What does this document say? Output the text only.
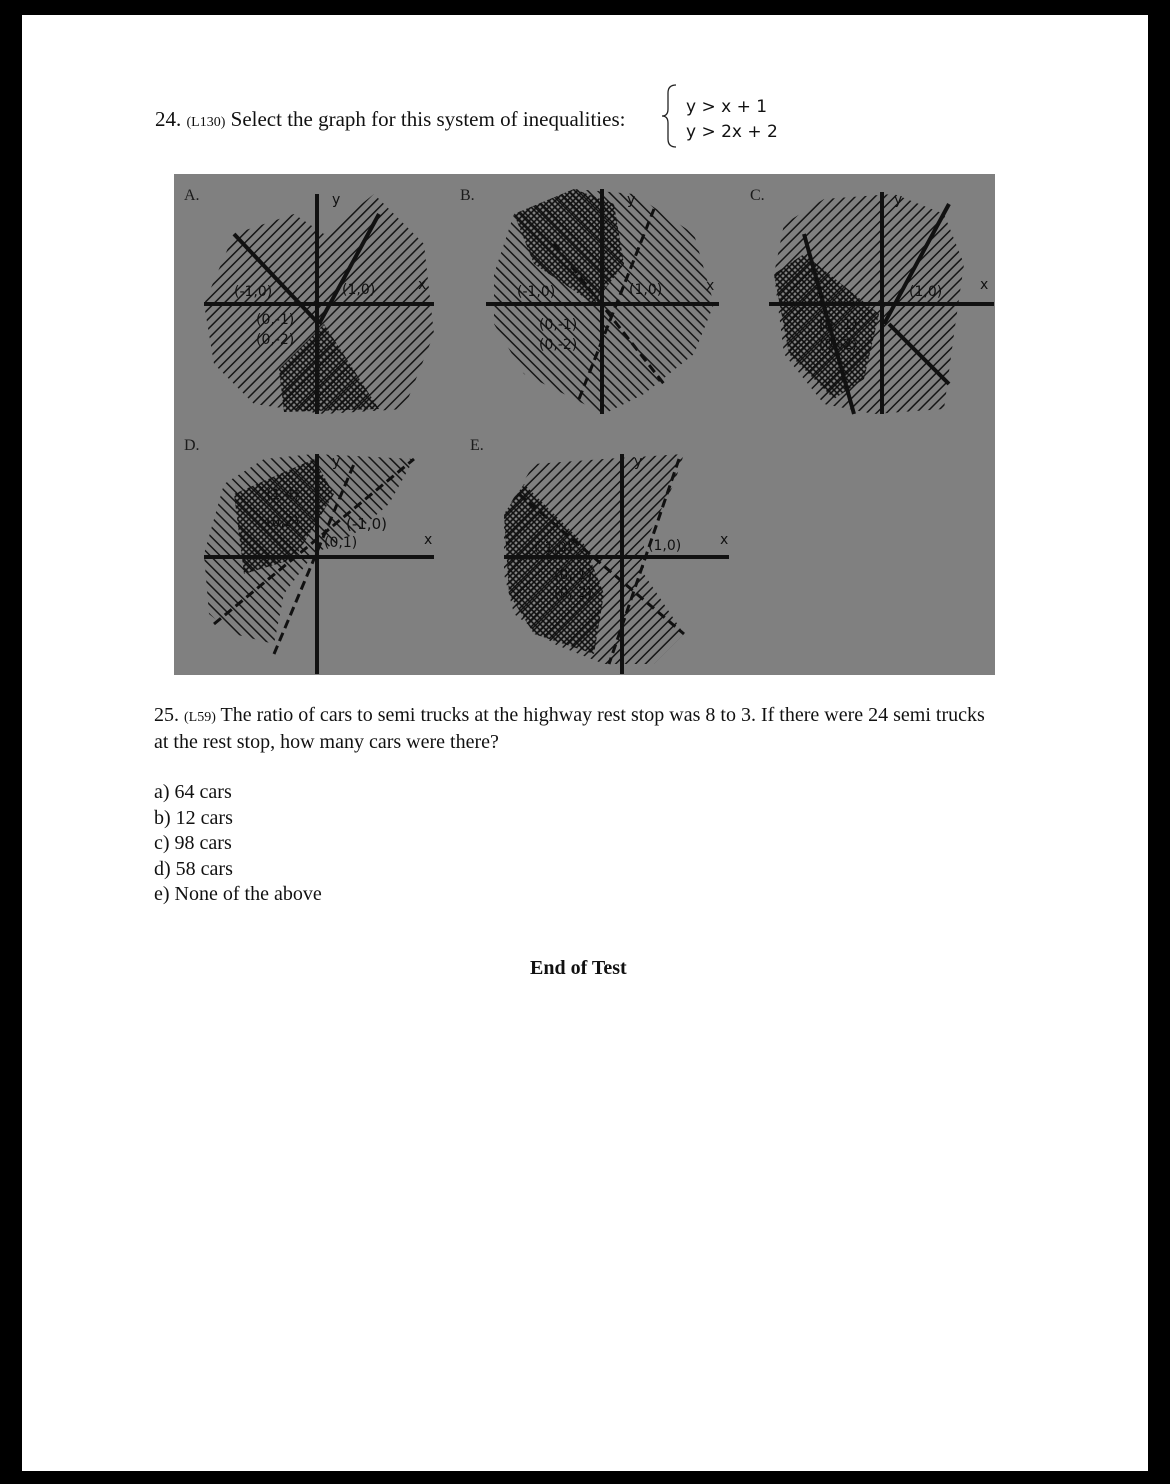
24. (L130) Select the graph for this system of inequalities:	y > x + 1
y > 2x + 2
y
x
(-1,0)	(1,0)
(0,-1)
(0,-2)
y
x
(-1,0)	(1,0)
(0,-1)
(0,-2)
y
x
(1,0)
(0,-1)
(0,-2)
y
x
(1,4)
(0,2)	(-1,0)
(0,1)
y
x
(-1,0)	(1,0)
(0,-1)
(0,-2)
A.	B.	C.
D.	E.
25. (L59) The ratio of cars to semi trucks at the highway rest stop was 8 to 3. If there were 24 semi trucks at the rest stop, how many cars were there?
a) 64 cars
b) 12 cars
c) 98 cars
d) 58 cars
e) None of the above
End of Test
